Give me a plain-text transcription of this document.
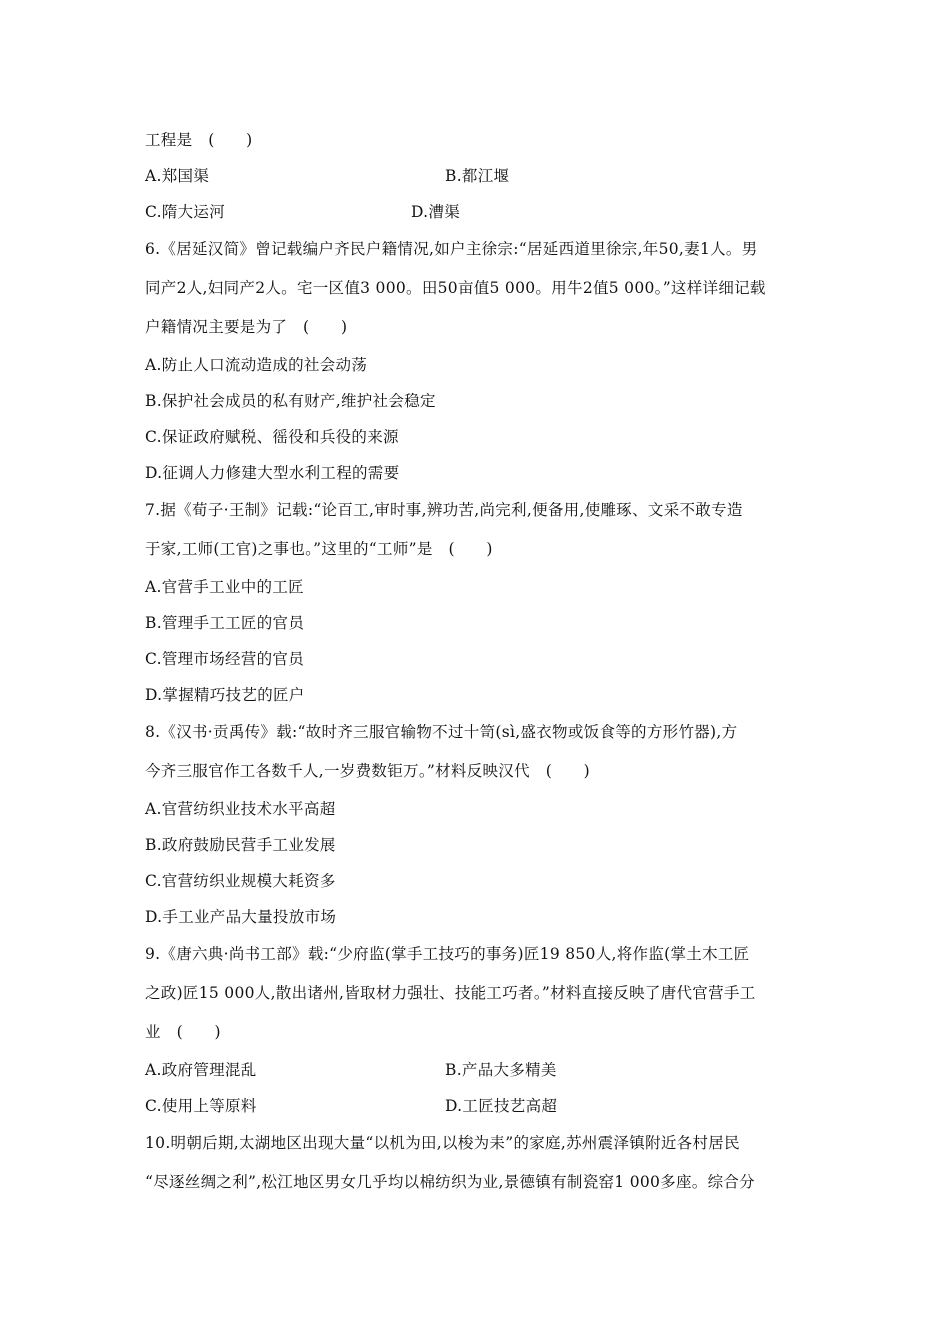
工程是　(　　)
A.郑国渠	B.都江堰
C.隋大运河	D.漕渠
6.《居延汉简》曾记载编户齐民户籍情况,如户主徐宗:“居延西道里徐宗,年50,妻1人。男
同产2人,妇同产2人。宅一区值3 000。田50亩值5 000。用牛2值5 000。”这样详细记载
户籍情况主要是为了　(　　)
A.防止人口流动造成的社会动荡
B.保护社会成员的私有财产,维护社会稳定
C.保证政府赋税、徭役和兵役的来源
D.征调人力修建大型水利工程的需要
7.据《荀子·王制》记载:“论百工,审时事,辨功苦,尚完利,便备用,使雕琢、文采不敢专造
于家,工师(工官)之事也。”这里的“工师”是　(　　)
A.官营手工业中的工匠
B.管理手工工匠的官员
C.管理市场经营的官员
D.掌握精巧技艺的匠户
8.《汉书·贡禹传》载:“故时齐三服官输物不过十笥(sì,盛衣物或饭食等的方形竹器),方
今齐三服官作工各数千人,一岁费数钜万。”材料反映汉代　(　　)
A.官营纺织业技术水平高超
B.政府鼓励民营手工业发展
C.官营纺织业规模大耗资多
D.手工业产品大量投放市场
9.《唐六典·尚书工部》载:“少府监(掌手工技巧的事务)匠19 850人,将作监(掌土木工匠
之政)匠15 000人,散出诸州,皆取材力强壮、技能工巧者。”材料直接反映了唐代官营手工
业　(　　)
A.政府管理混乱	B.产品大多精美
C.使用上等原料	D.工匠技艺高超
10.明朝后期,太湖地区出现大量“以机为田,以梭为耒”的家庭,苏州震泽镇附近各村居民
“尽逐丝绸之利”,松江地区男女几乎均以棉纺织为业,景德镇有制瓷窑1 000多座。综合分
